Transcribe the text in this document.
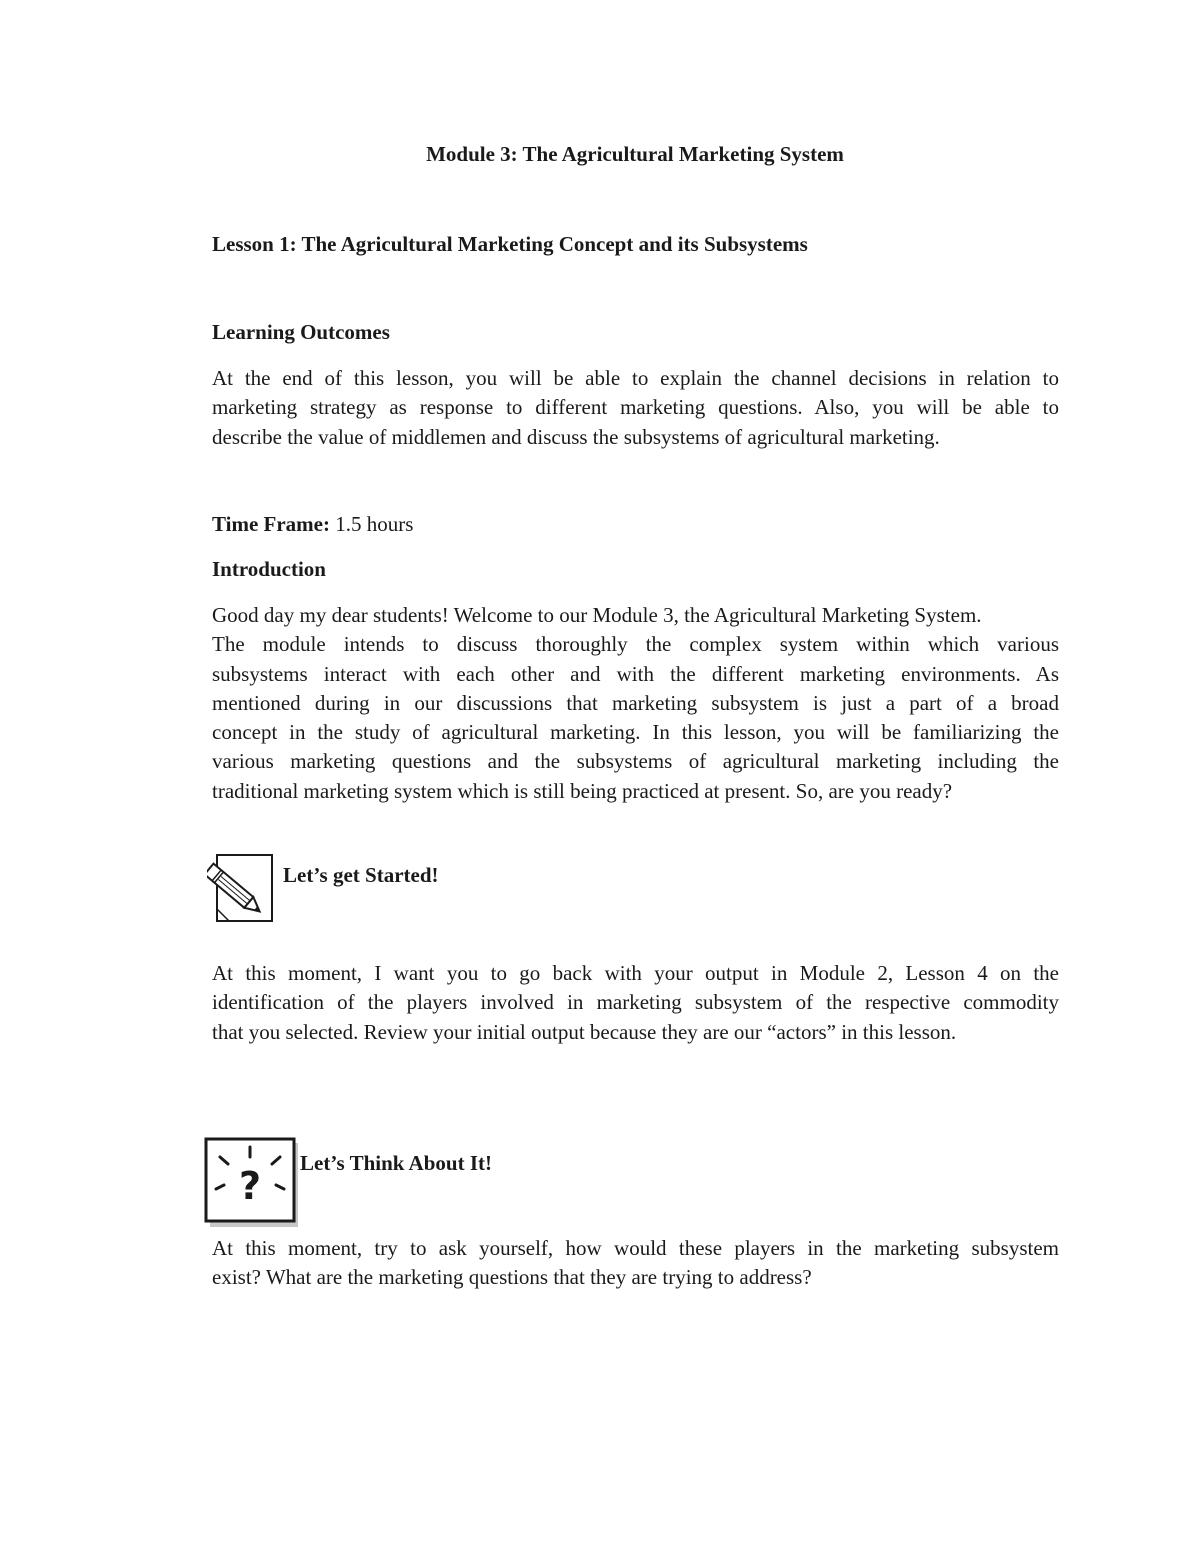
Module 3: The Agricultural Marketing System
Lesson 1: The Agricultural Marketing Concept and its Subsystems
Learning Outcomes
At the end of this lesson, you will be able to explain the channel decisions in relation to
marketing strategy as response to different marketing questions. Also, you will be able to
describe the value of middlemen and discuss the subsystems of agricultural marketing.

Time Frame: 1.5 hours

Introduction
Good day my dear students! Welcome to our Module 3, the Agricultural Marketing System.
The module intends to discuss thoroughly the complex system within which various
subsystems interact with each other and with the different marketing environments. As
mentioned during in our discussions that marketing subsystem is just a part of a broad
concept in the study of agricultural marketing. In this lesson, you will be familiarizing the
various marketing questions and the subsystems of agricultural marketing including the
traditional marketing system which is still being practiced at present. So, are you ready?

Let’s get Started!

At this moment, I want you to go back with your output in Module 2, Lesson 4 on the
identification of the players involved in marketing subsystem of the respective commodity
that you selected. Review your initial output because they are our “actors” in this lesson.
?

Let’s Think About It!

At this moment, try to ask yourself, how would these players in the marketing subsystem
exist? What are the marketing questions that they are trying to address?
